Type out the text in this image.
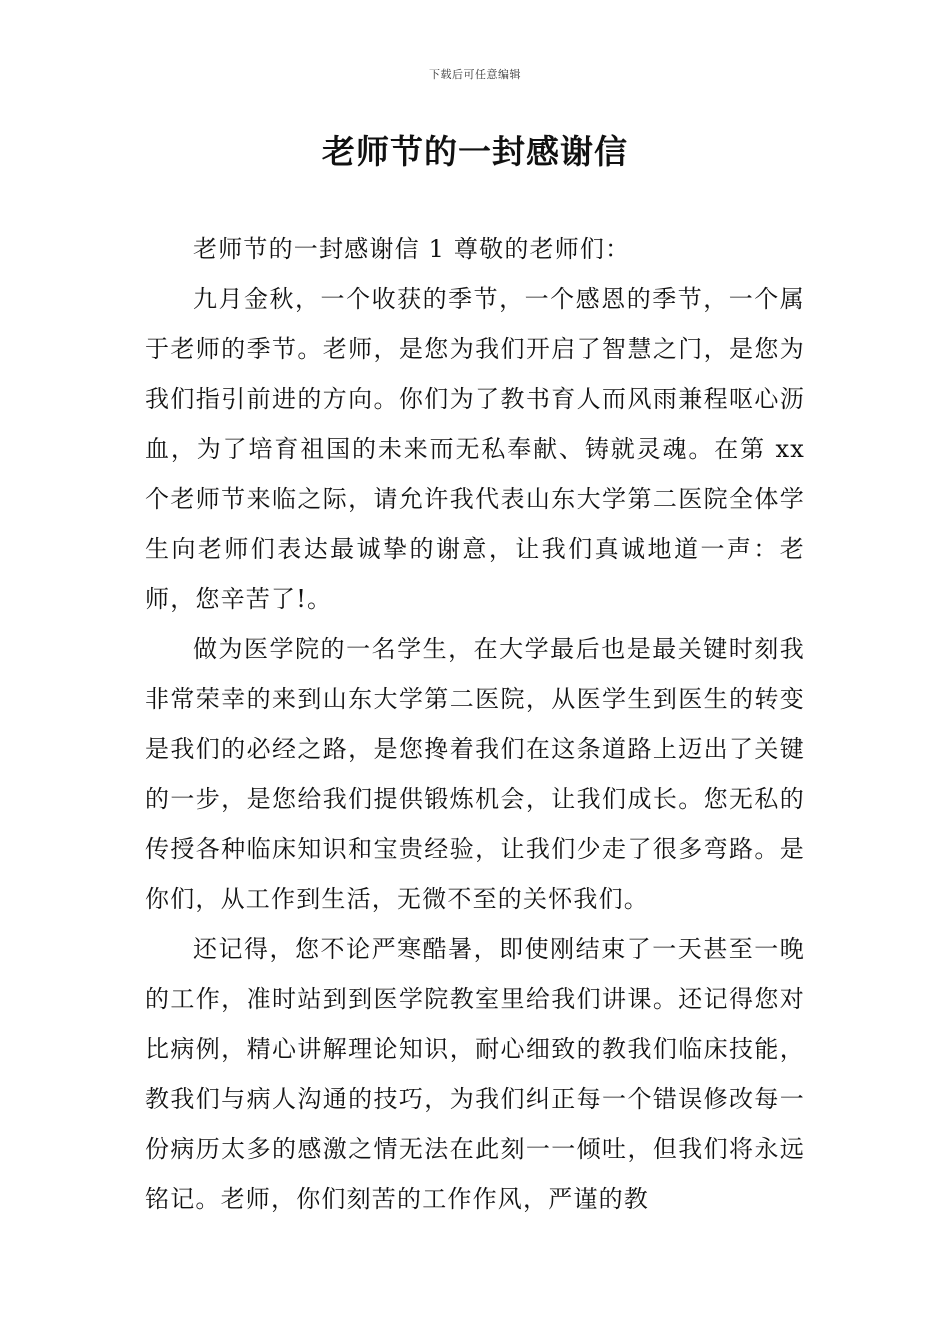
下载后可任意编辑
老师节的一封感谢信

老师节的一封感谢信 1 尊敬的老师们：

九月金秋，一个收获的季节，一个感恩的季节，一个属于老师的季节。老师，是您为我们开启了智慧之门，是您为我们指引前进的方向。你们为了教书育人而风雨兼程呕心沥血，为了培育祖国的未来而无私奉献、铸就灵魂。在第 xx 个老师节来临之际，请允许我代表山东大学第二医院全体学生向老师们表达最诚挚的谢意，让我们真诚地道一声：老师，您辛苦了!。

做为医学院的一名学生，在大学最后也是最关键时刻我非常荣幸的来到山东大学第二医院，从医学生到医生的转变是我们的必经之路，是您搀着我们在这条道路上迈出了关键的一步，是您给我们提供锻炼机会，让我们成长。您无私的传授各种临床知识和宝贵经验，让我们少走了很多弯路。是你们，从工作到生活，无微不至的关怀我们。

还记得，您不论严寒酷暑，即使刚结束了一天甚至一晚的工作，准时站到到医学院教室里给我们讲课。还记得您对比病例，精心讲解理论知识，耐心细致的教我们临床技能，教我们与病人沟通的技巧，为我们纠正每一个错误修改每一份病历太多的感激之情无法在此刻一一倾吐，但我们将永远铭记。老师，你们刻苦的工作作风，严谨的教
